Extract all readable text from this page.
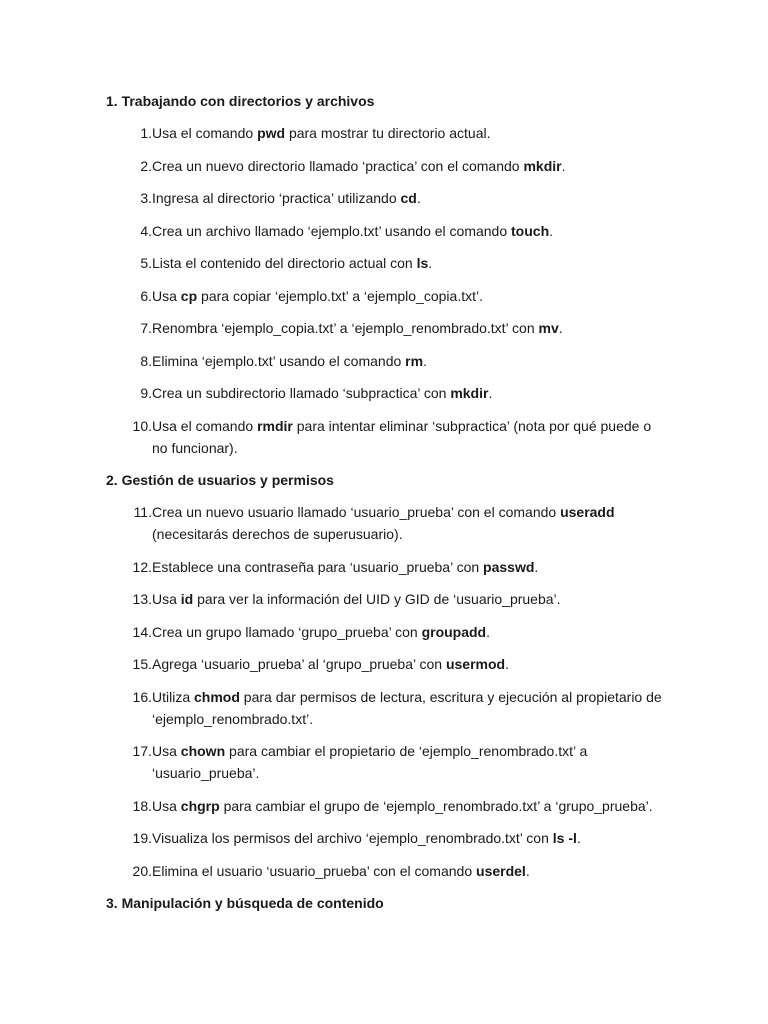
1. Trabajando con directorios y archivos
1. Usa el comando pwd para mostrar tu directorio actual.
2. Crea un nuevo directorio llamado ‘practica’ con el comando mkdir.
3. Ingresa al directorio ‘practica’ utilizando cd.
4. Crea un archivo llamado ‘ejemplo.txt’ usando el comando touch.
5. Lista el contenido del directorio actual con ls.
6. Usa cp para copiar ‘ejemplo.txt’ a ‘ejemplo_copia.txt’.
7. Renombra ‘ejemplo_copia.txt’ a ‘ejemplo_renombrado.txt’ con mv.
8. Elimina ‘ejemplo.txt’ usando el comando rm.
9. Crea un subdirectorio llamado ‘subpractica’ con mkdir.
10. Usa el comando rmdir para intentar eliminar ‘subpractica’ (nota por qué puede o no funcionar).
2. Gestión de usuarios y permisos
11. Crea un nuevo usuario llamado ‘usuario_prueba’ con el comando useradd (necesitarás derechos de superusuario).
12. Establece una contraseña para ‘usuario_prueba’ con passwd.
13. Usa id para ver la información del UID y GID de ‘usuario_prueba’.
14. Crea un grupo llamado ‘grupo_prueba’ con groupadd.
15. Agrega ‘usuario_prueba’ al ‘grupo_prueba’ con usermod.
16. Utiliza chmod para dar permisos de lectura, escritura y ejecución al propietario de ‘ejemplo_renombrado.txt’.
17. Usa chown para cambiar el propietario de ‘ejemplo_renombrado.txt’ a ‘usuario_prueba’.
18. Usa chgrp para cambiar el grupo de ‘ejemplo_renombrado.txt’ a ‘grupo_prueba’.
19. Visualiza los permisos del archivo ‘ejemplo_renombrado.txt’ con ls -l.
20. Elimina el usuario ‘usuario_prueba’ con el comando userdel.
3. Manipulación y búsqueda de contenido
